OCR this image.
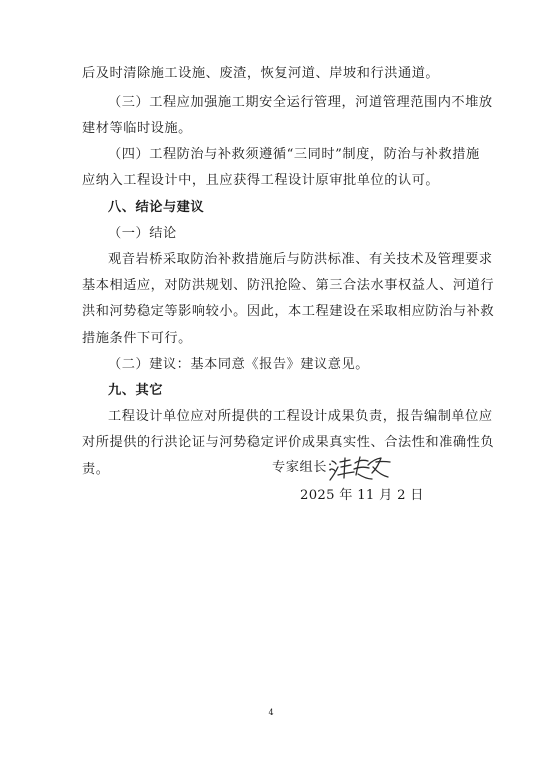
后及时清除施工设施、废渣，恢复河道、岸坡和行洪通道。
（三）工程应加强施工期安全运行管理，河道管理范围内不堆放
建材等临时设施。
（四）工程防治与补救须遵循“三同时”制度，防治与补救措施
应纳入工程设计中，且应获得工程设计原审批单位的认可。
八、结论与建议
（一）结论
观音岩桥采取防治补救措施后与防洪标准、有关技术及管理要求
基本相适应，对防洪规划、防汛抢险、第三合法水事权益人、河道行
洪和河势稳定等影响较小。因此，本工程建设在采取相应防治与补救
措施条件下可行。
（二）建议：基本同意《报告》建议意见。
九、其它
工程设计单位应对所提供的工程设计成果负责，报告编制单位应
对所提供的行洪论证与河势稳定评价成果真实性、合法性和准确性负
责。	专家组长：
2025 年 11 月 2 日
4
